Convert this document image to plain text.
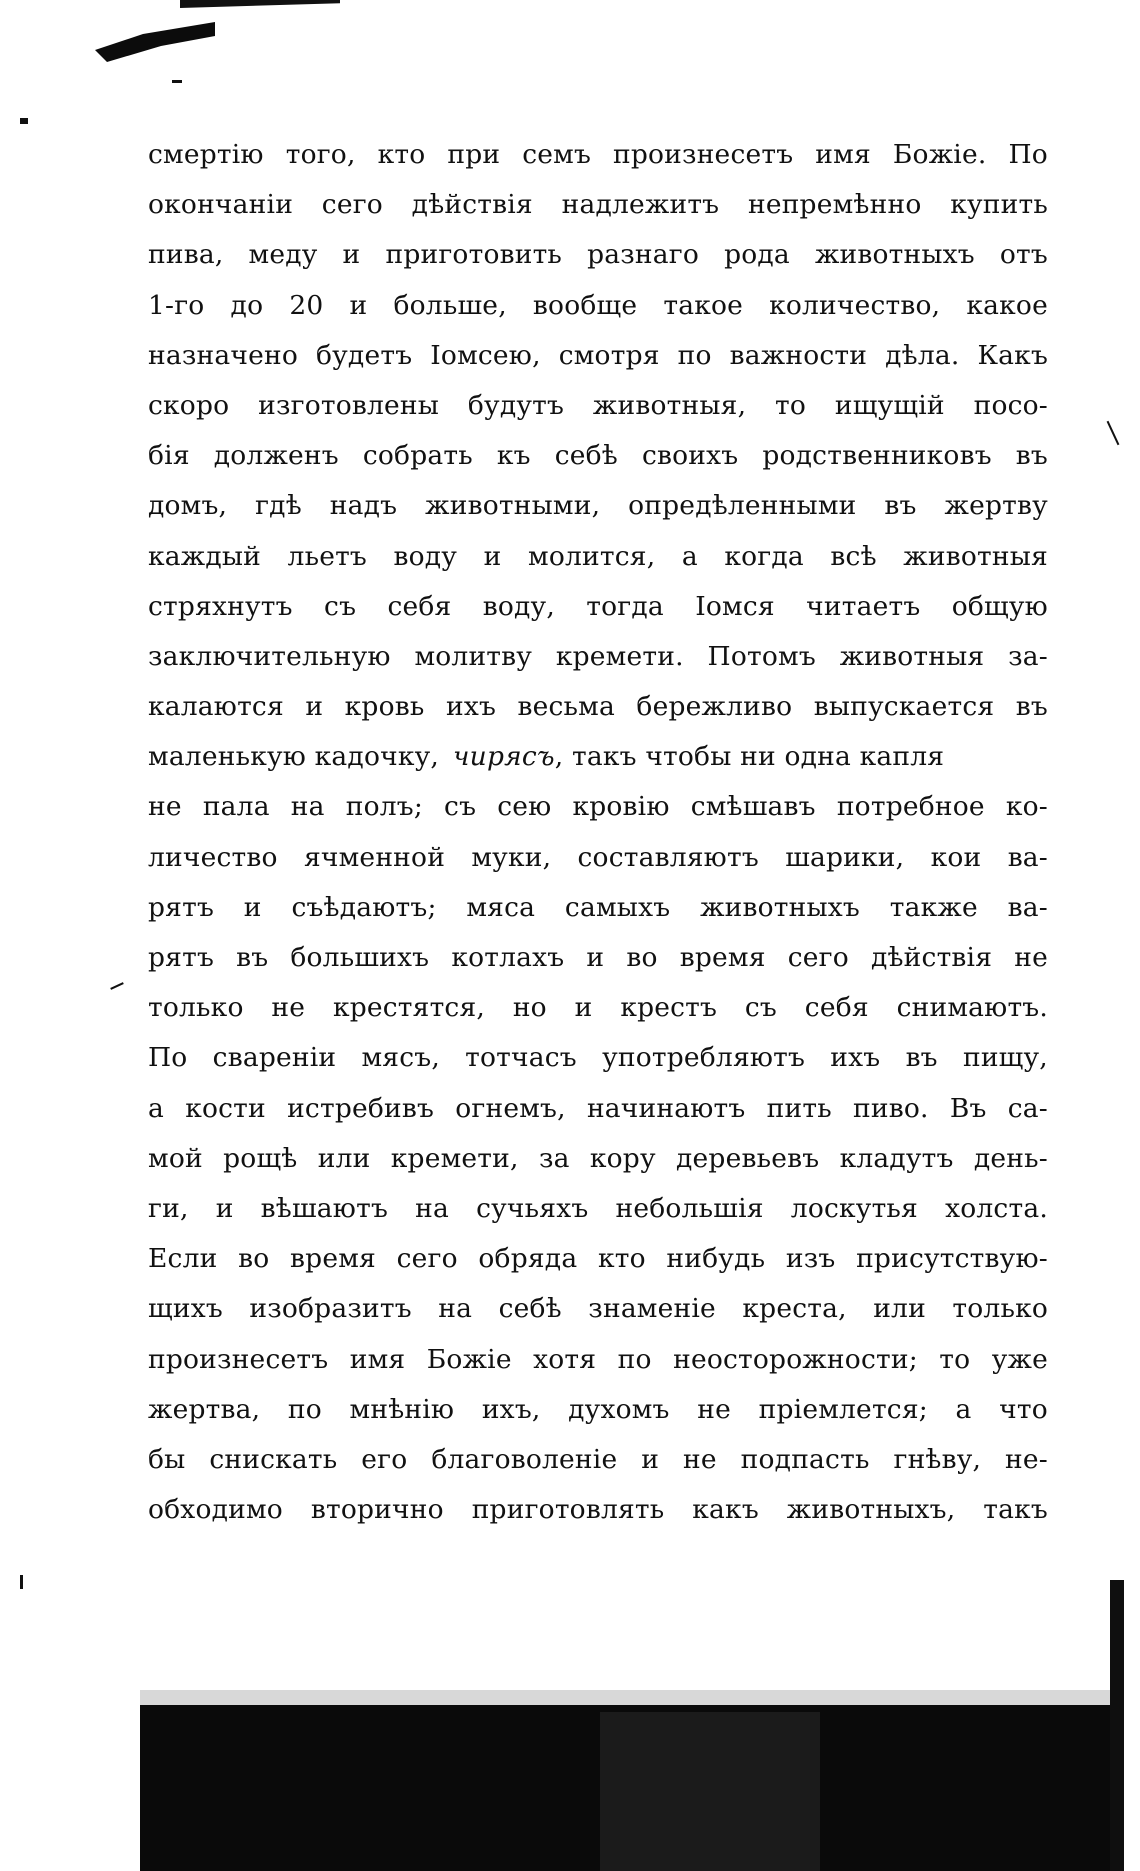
смертію того, кто при семъ произнесетъ имя Божіе. По
окончаніи сего дѣйствія надлежитъ непремѣнно купить
пива, меду и приготовить разнаго рода животныхъ отъ
1-го до 20 и больше, вообще такое количество, какое
назначено будетъ Іомсею, смотря по важности дѣла. Какъ
скоро изготовлены будутъ животныя, то ищущій посо-
бія долженъ собрать къ себѣ своихъ родственниковъ въ
домъ, гдѣ надъ животными, опредѣленными въ жертву
каждый льетъ воду и молится, а когда всѣ животныя
стряхнутъ съ себя воду, тогда Іомся читаетъ общую
заключительную молитву кремети. Потомъ животныя за-
калаются и кровь ихъ весьма бережливо выпускается въ
маленькую кадочку, чирясъ , такъ чтобы ни одна капля
не пала на полъ; съ сею кровію смѣшавъ потребное ко-
личество ячменной муки, составляютъ шарики, кои ва-
рятъ и съѣдаютъ; мяса самыхъ животныхъ также ва-
рятъ въ большихъ котлахъ и во время сего дѣйствія не
только не крестятся, но и крестъ съ себя снимаютъ.
По свареніи мясъ, тотчасъ употребляютъ ихъ въ пищу,
а кости истребивъ огнемъ, начинаютъ пить пиво. Въ са-
мой рощѣ или кремети, за кору деревьевъ кладутъ день-
ги, и вѣшаютъ на сучьяхъ небольшія лоскутья холста.
Если во время сего обряда кто нибудь изъ присутствую-
щихъ изобразитъ на себѣ знаменіе креста, или только
произнесетъ имя Божіе хотя по неосторожности; то уже
жертва, по мнѣнію ихъ, духомъ не пріемлется; а что
бы снискать его благоволеніе и не подпасть гнѣву, не-
обходимо вторично приготовлять какъ животныхъ, такъ
